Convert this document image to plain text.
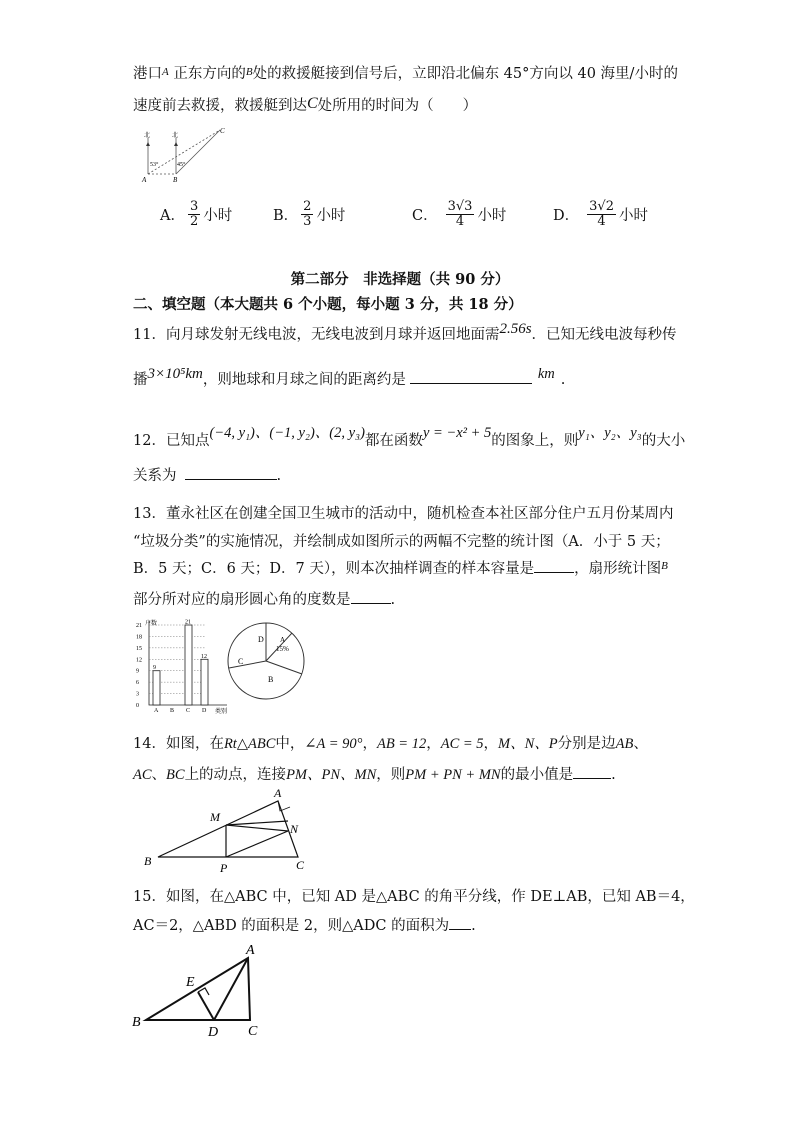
港口$^A$ 正东方向的$^B$处的救援艇接到信号后，立即沿北偏东 45°方向以 40 海里/小时的
速度前去救援，救援艇到达C处所用的时间为（　　）
北	北
53°	45°
A	B
C
A． $\frac{3}{2}$ 小时	B． $\frac{2}{3}$ 小时	C． $\frac{3√3}{4}$ 小时	D． $\frac{3√2}{4}$ 小时
第二部分　非选择题（共 90 分）
二、填空题（本大题共 6 个小题，每小题 3 分，共 18 分）
11．向月球发射无线电波，无线电波到月球并返回地面需2.56s．已知无线电波每秒传
播3×10⁵km，则地球和月球之间的距离约是	km .
12．已知点(−4, y₁)、(−1, y₂)、(2, y₃)都在函数y = −x² + 5的图象上，则y₁、y₂、y₃的大小
关系为	.
13．董永社区在创建全国卫生城市的活动中，随机检查本社区部分住户五月份某周内
“垃圾分类”的实施情况，并绘制成如图所示的两幅不完整的统计图（A．小于 5 天；
B．5 天；C．6 天；D．7 天），则本次抽样调查的样本容量是	，扇形统计图$^B$
部分所对应的扇形圆心角的度数是	.
户数
类别
0
3
6
9
12
15
18
21
9
A B
21
C
12
D
A
15%
B
C
D
14．如图，在Rt△ABC中，∠A = 90°，AB = 12，AC = 5，M、N、P分别是边AB、
AC、BC上的动点，连接PM、PN、MN，则PM + PN + MN的最小值是	.
A
B	C
M
N
P
15．如图，在△ABC 中，已知 AD 是△ABC 的角平分线，作 DE⊥AB，已知 AB＝4，
AC＝2，△ABD 的面积是 2，则△ADC 的面积为 .
A
B
C
D
E
